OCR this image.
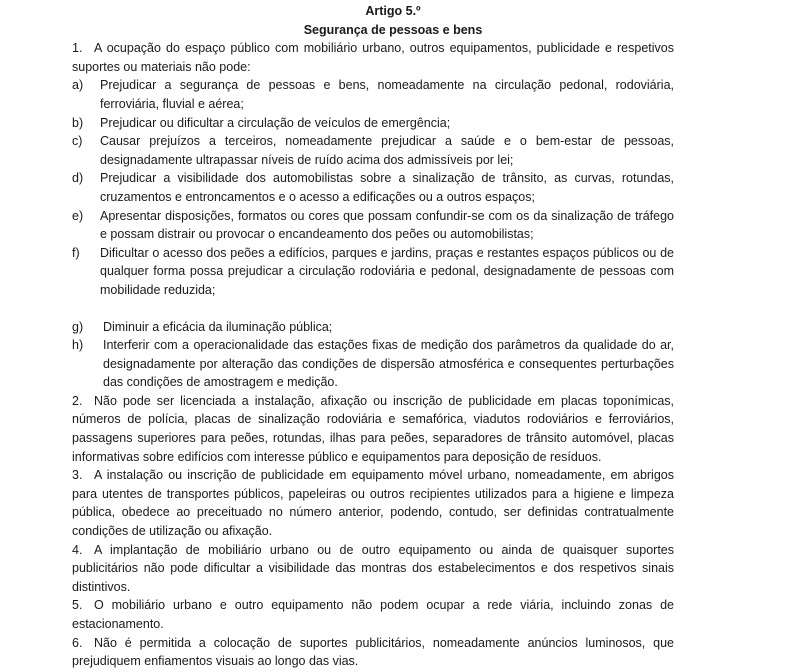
Artigo 5.º

Segurança de pessoas e bens

1. A ocupação do espaço público com mobiliário urbano, outros equipamentos, publicidade e respetivos suportes ou materiais não pode:

a)	Prejudicar a segurança de pessoas e bens, nomeadamente na circulação pedonal, rodoviária, ferroviária, fluvial e aérea;
b)	Prejudicar ou dificultar a circulação de veículos de emergência;
c)	Causar prejuízos a terceiros, nomeadamente prejudicar a saúde e o bem-estar de pessoas, designadamente ultrapassar níveis de ruído acima dos admissíveis por lei;
d)	Prejudicar a visibilidade dos automobilistas sobre a sinalização de trânsito, as curvas, rotundas, cruzamentos e entroncamentos e o acesso a edificações ou a outros espaços;
e)	Apresentar disposições, formatos ou cores que possam confundir-se com os da sinalização de tráfego e possam distrair ou provocar o encandeamento dos peões ou automobilistas;
f)	Dificultar o acesso dos peões a edifícios, parques e jardins, praças e restantes espaços públicos ou de qualquer forma possa prejudicar a circulação rodoviária e pedonal, designadamente de pessoas com mobilidade reduzida;
g)	Diminuir a eficácia da iluminação pública;
h)	Interferir com a operacionalidade das estações fixas de medição dos parâmetros da qualidade do ar, designadamente por alteração das condições de dispersão atmosférica e consequentes perturbações das condições de amostragem e medição.

2. Não pode ser licenciada a instalação, afixação ou inscrição de publicidade em placas toponímicas, números de polícia, placas de sinalização rodoviária e semafórica, viadutos rodoviários e ferroviários, passagens superiores para peões, rotundas, ilhas para peões, separadores de trânsito automóvel, placas informativas sobre edifícios com interesse público e equipamentos para deposição de resíduos.

3. A instalação ou inscrição de publicidade em equipamento móvel urbano, nomeadamente, em abrigos para utentes de transportes públicos, papeleiras ou outros recipientes utilizados para a higiene e limpeza pública, obedece ao preceituado no número anterior, podendo, contudo, ser definidas contratualmente condições de utilização ou afixação.

4. A implantação de mobiliário urbano ou de outro equipamento ou ainda de quaisquer suportes publicitários não pode dificultar a visibilidade das montras dos estabelecimentos e dos respetivos sinais distintivos.

5. O mobiliário urbano e outro equipamento não podem ocupar a rede viária, incluindo zonas de estacionamento.

6. Não é permitida a colocação de suportes publicitários, nomeadamente anúncios luminosos, que prejudiquem enfiamentos visuais ao longo das vias.
